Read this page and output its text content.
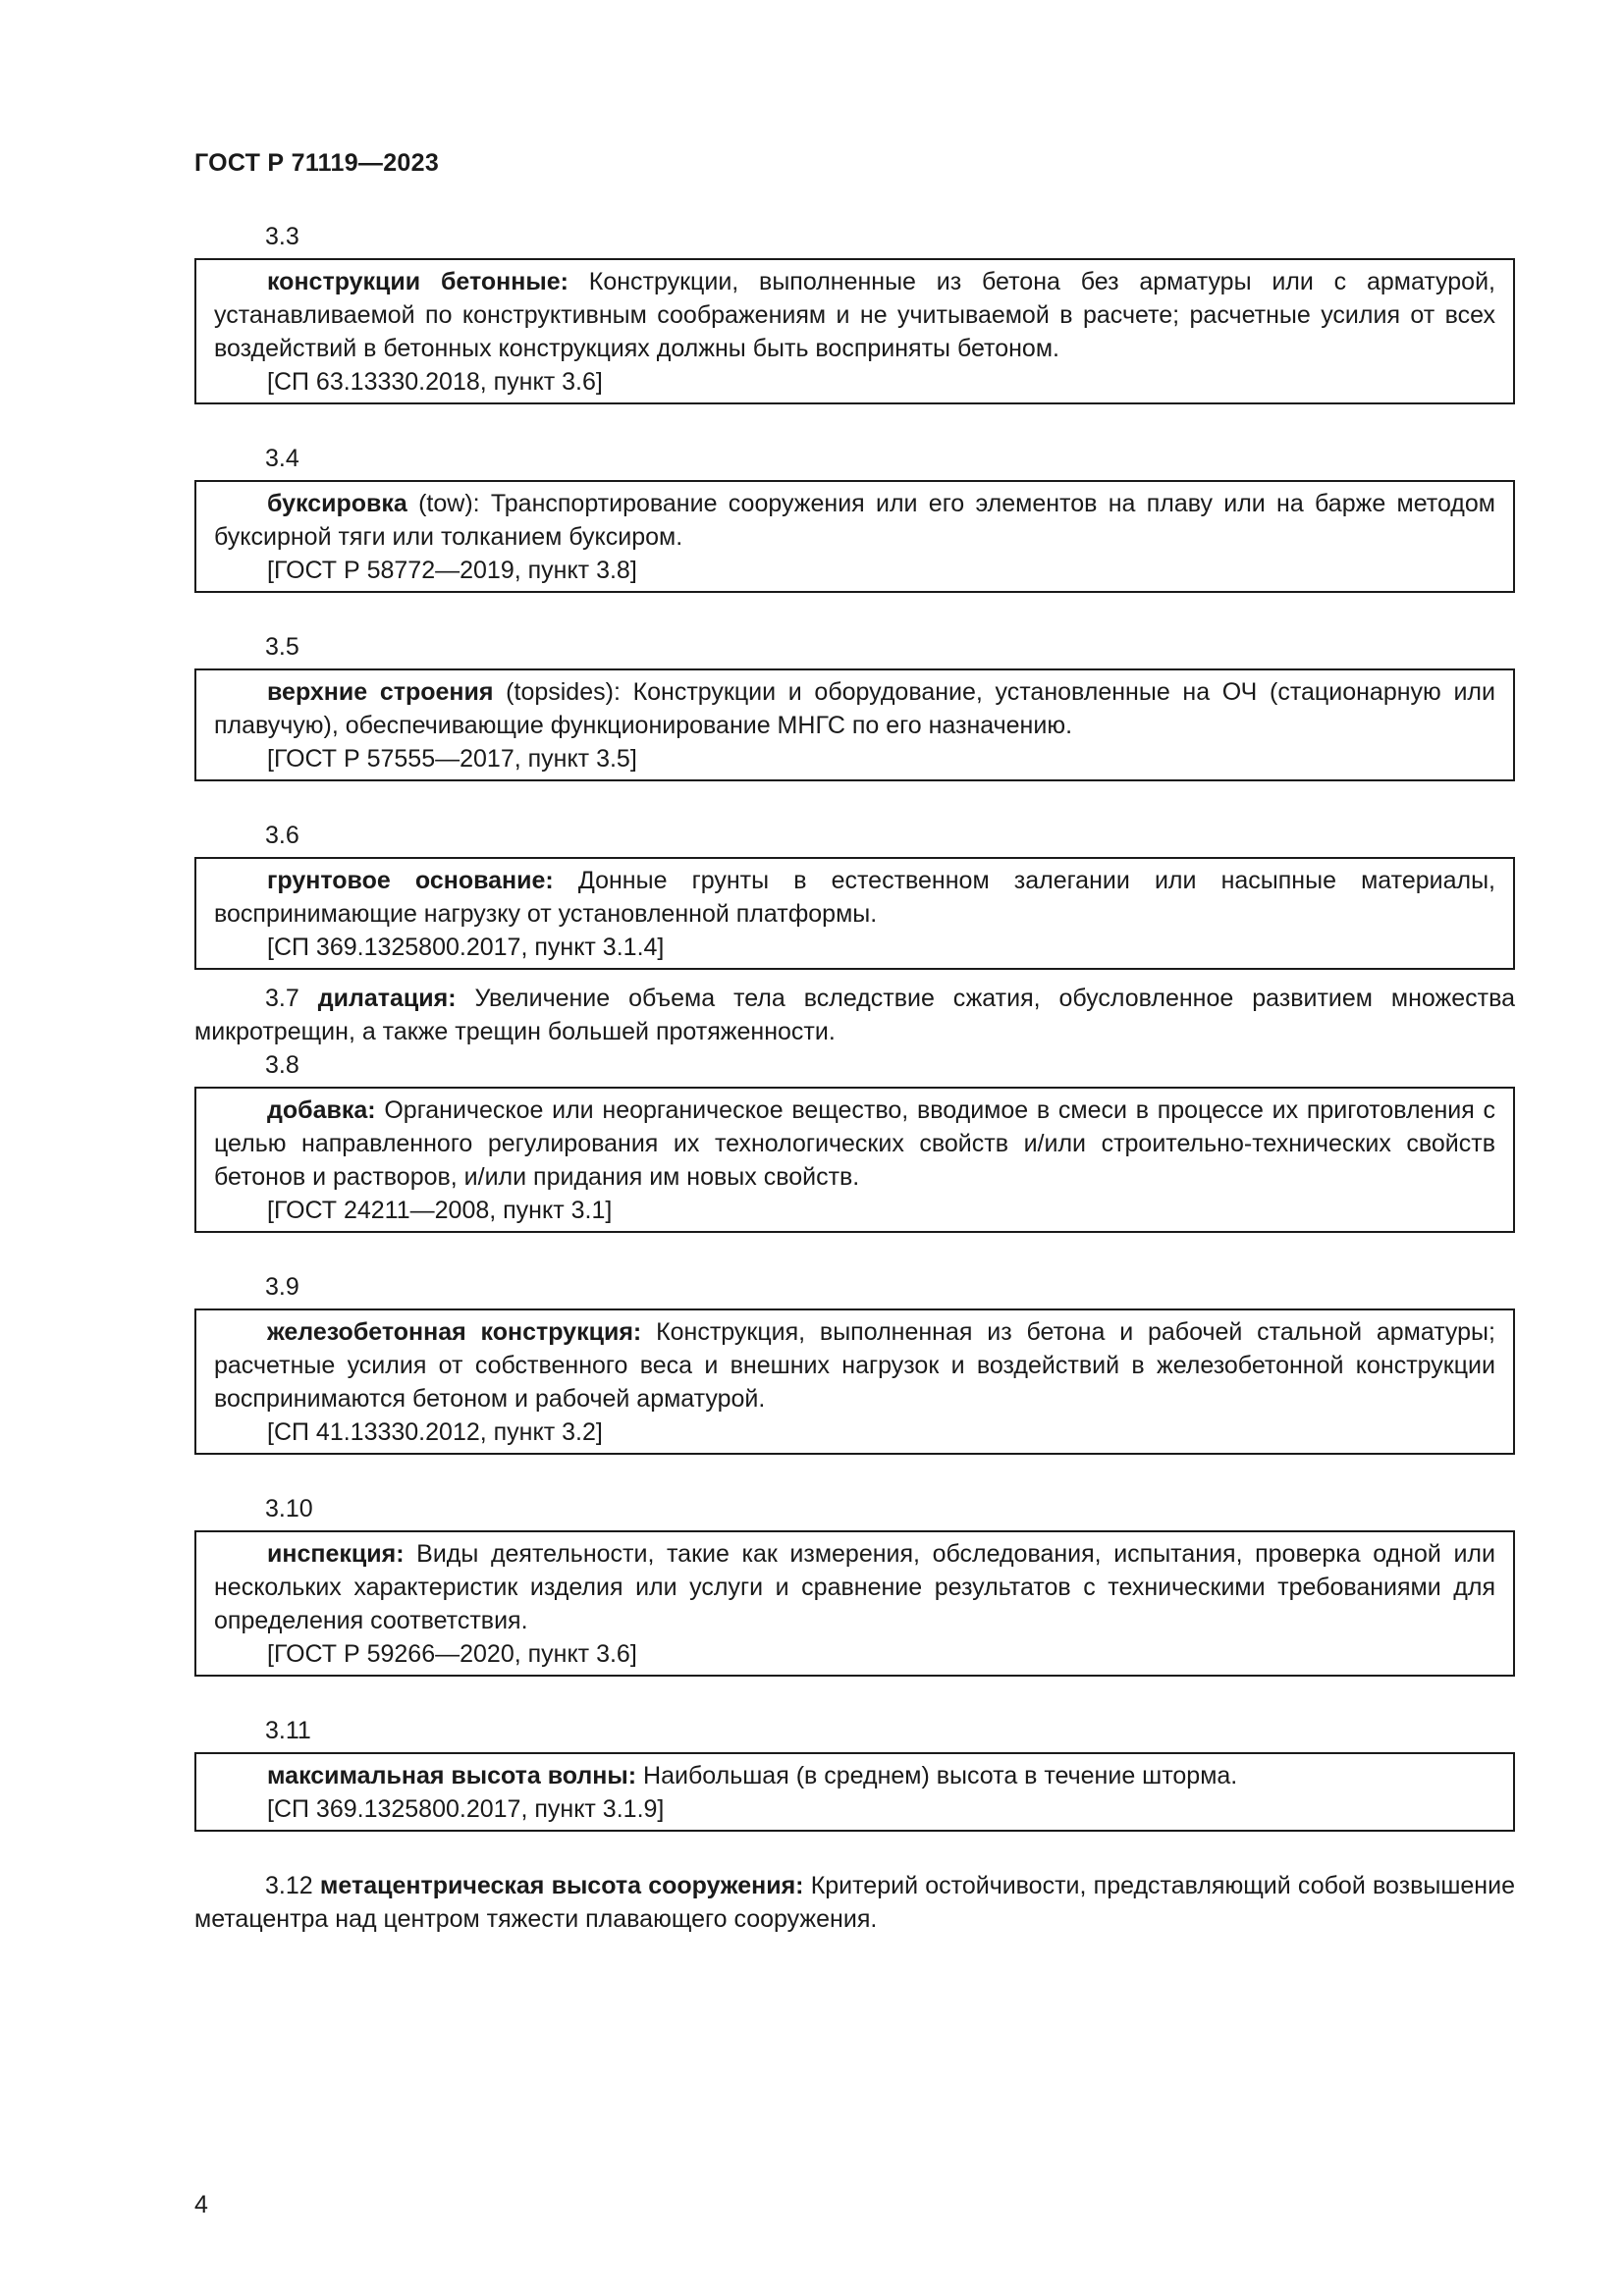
ГОСТ Р 71119—2023
3.3
конструкции бетонные: Конструкции, выполненные из бетона без арматуры или с арматурой, устанавливаемой по конструктивным соображениям и не учитываемой в расчете; расчетные усилия от всех воздействий в бетонных конструкциях должны быть восприняты бетоном.
[СП 63.13330.2018, пункт 3.6]
3.4
буксировка (tow): Транспортирование сооружения или его элементов на плаву или на барже методом буксирной тяги или толканием буксиром.
[ГОСТ Р 58772—2019, пункт 3.8]
3.5
верхние строения (topsides): Конструкции и оборудование, установленные на ОЧ (стационарную или плавучую), обеспечивающие функционирование МНГС по его назначению.
[ГОСТ Р 57555—2017, пункт 3.5]
3.6
грунтовое основание: Донные грунты в естественном залегании или насыпные материалы, воспринимающие нагрузку от установленной платформы.
[СП 369.1325800.2017, пункт 3.1.4]
3.7 дилатация: Увеличение объема тела вследствие сжатия, обусловленное развитием множества микротрещин, а также трещин большей протяженности.
3.8
добавка: Органическое или неорганическое вещество, вводимое в смеси в процессе их приготовления с целью направленного регулирования их технологических свойств и/или строительно-технических свойств бетонов и растворов, и/или придания им новых свойств.
[ГОСТ 24211—2008, пункт 3.1]
3.9
железобетонная конструкция: Конструкция, выполненная из бетона и рабочей стальной арматуры; расчетные усилия от собственного веса и внешних нагрузок и воздействий в железобетонной конструкции воспринимаются бетоном и рабочей арматурой.
[СП 41.13330.2012, пункт 3.2]
3.10
инспекция: Виды деятельности, такие как измерения, обследования, испытания, проверка одной или нескольких характеристик изделия или услуги и сравнение результатов с техническими требованиями для определения соответствия.
[ГОСТ Р 59266—2020, пункт 3.6]
3.11
максимальная высота волны: Наибольшая (в среднем) высота в течение шторма.
[СП 369.1325800.2017, пункт 3.1.9]
3.12 метацентрическая высота сооружения: Критерий остойчивости, представляющий собой возвышение метацентра над центром тяжести плавающего сооружения.
4
